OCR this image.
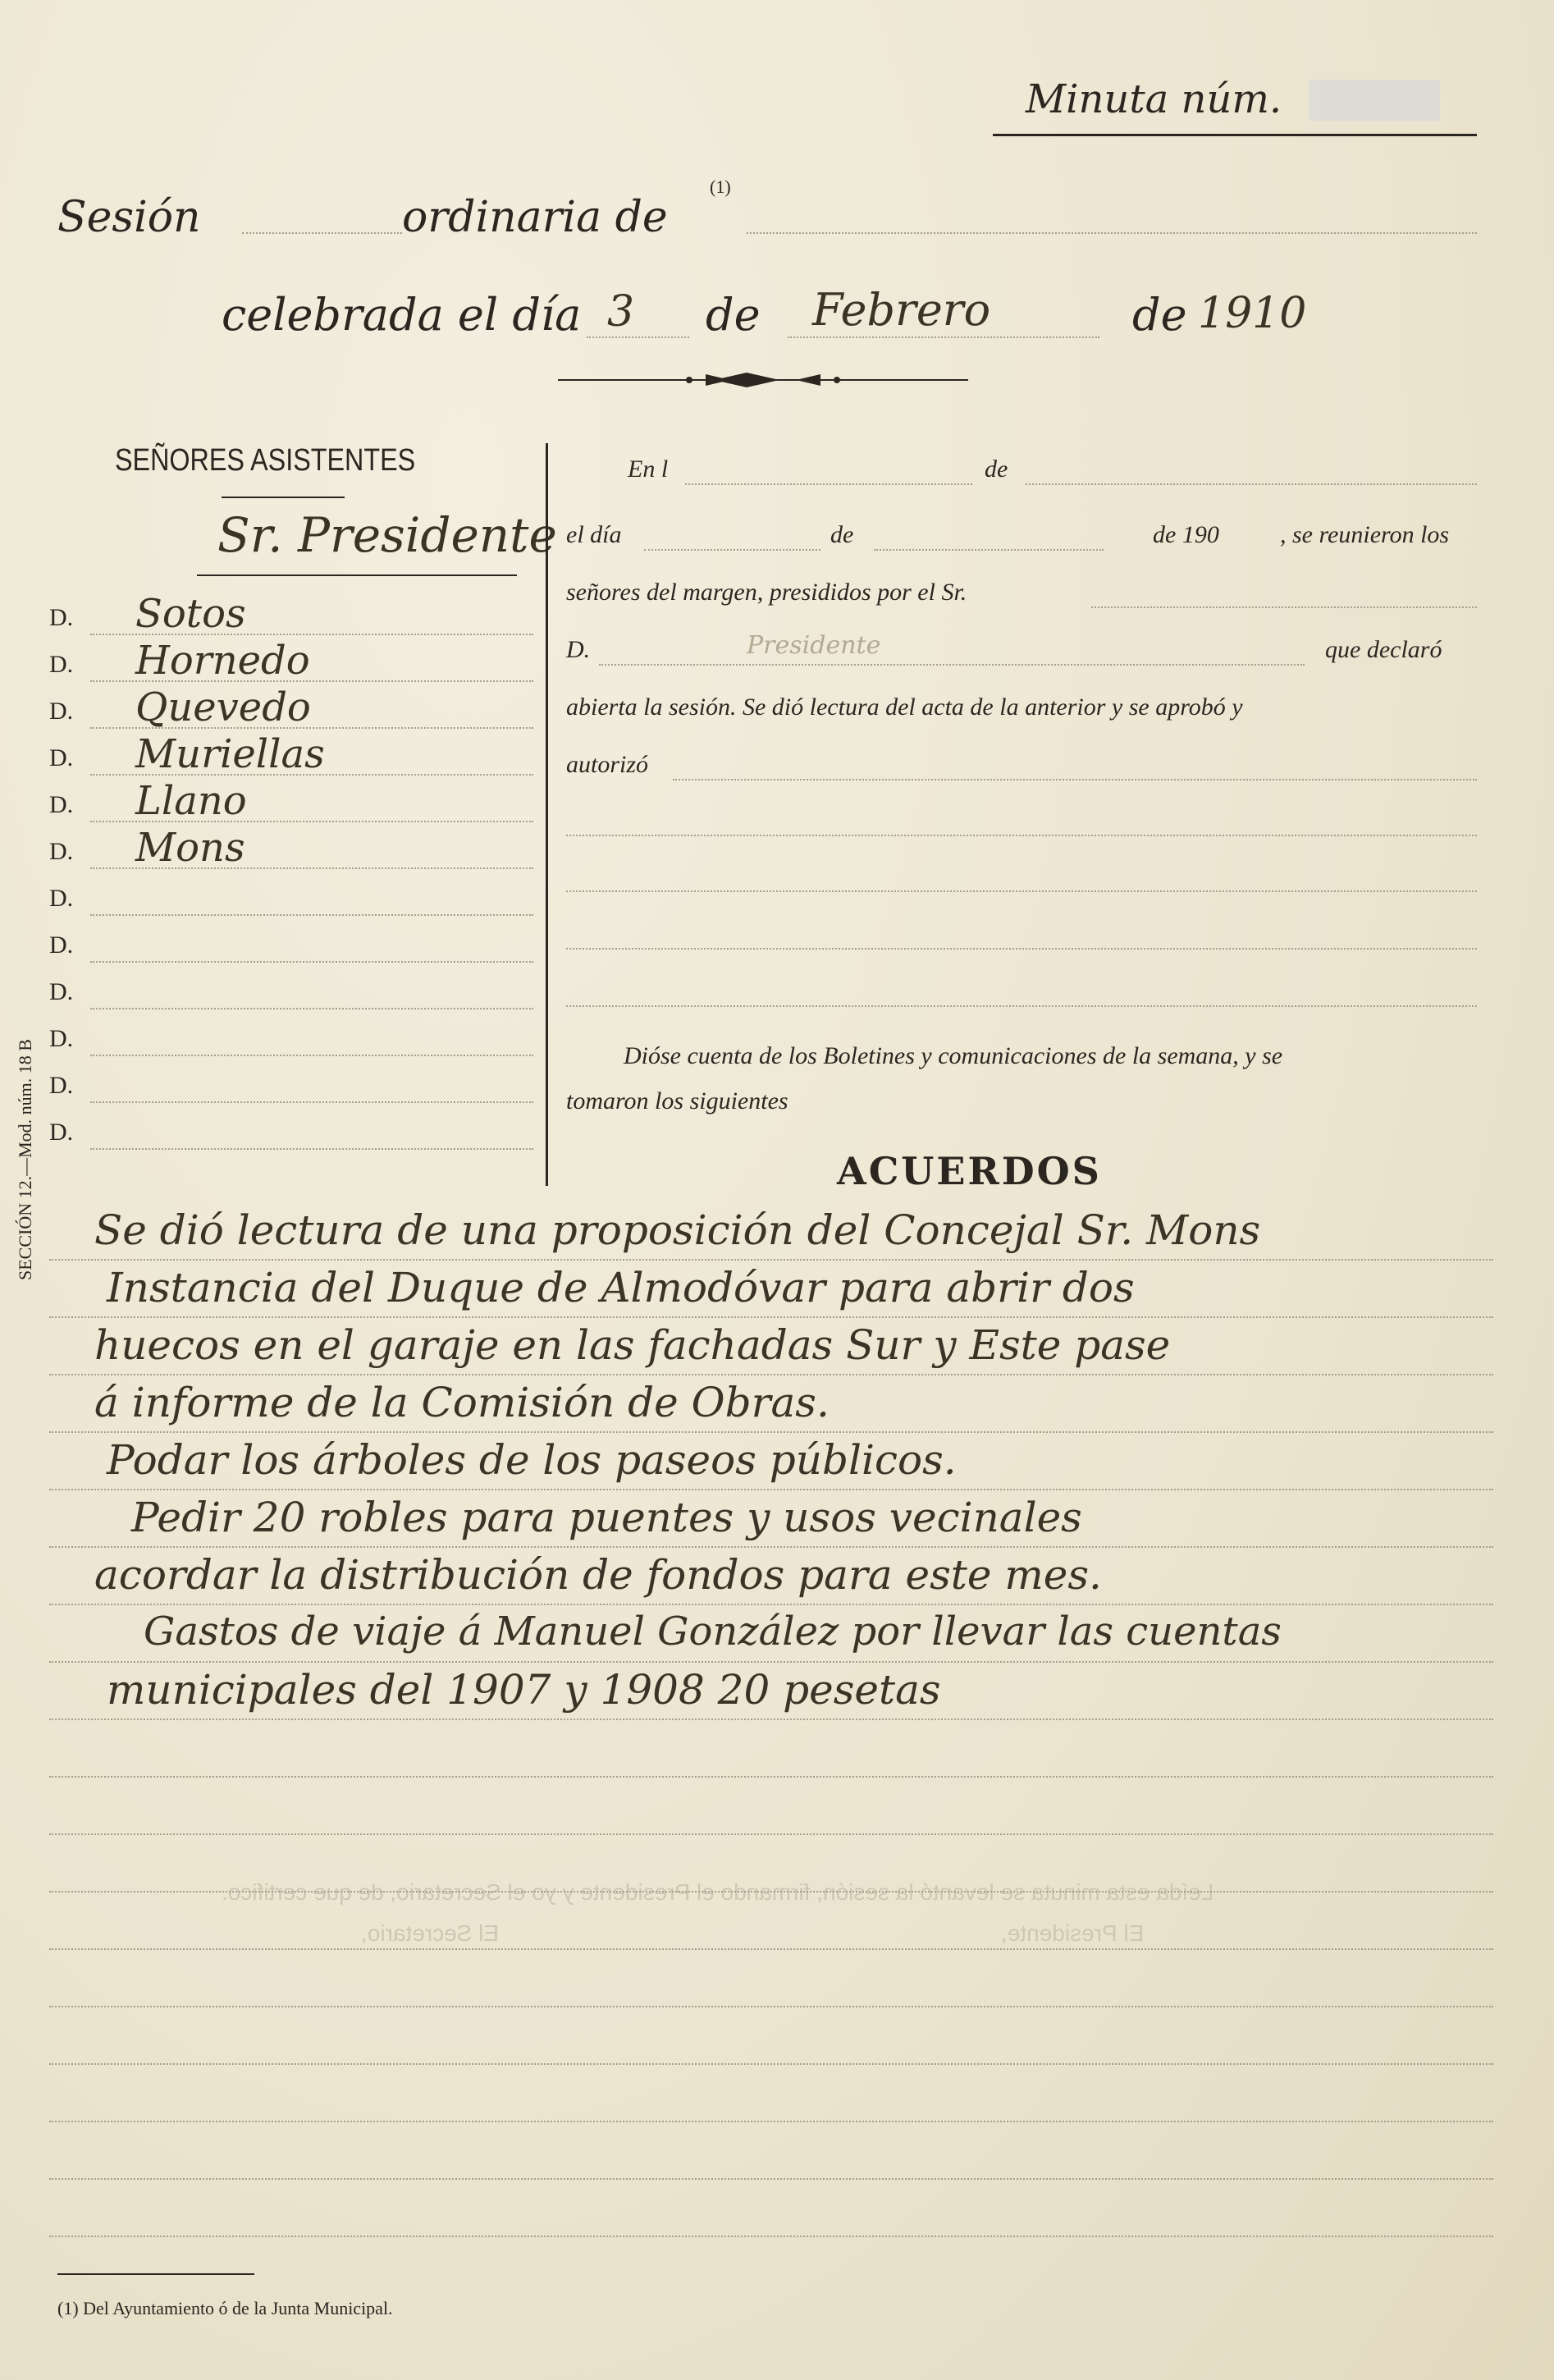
Minuta núm.
Sesión	ordinaria de
(1)
celebrada el día 3 de Febrero	de 1910
SEÑORES ASISTENTES
Sr. Presidente
D. Sotos
D. Hornedo
D. Quevedo
D. Muriellas
D. Llano
D. Mons
D.
D.
D.
D.
D.
D.
SECCIÓN 12.—Mod. núm. 18 B
En l	de
el día	de	de 190 , se reunieron los
señores del margen, presididos por el Sr.
D.	Presidente	que declaró
abierta la sesión. Se dió lectura del acta de la anterior y se aprobó y
autorizó
Dióse cuenta de los Boletines y comunicaciones de la semana, y se
tomaron los siguientes
ACUERDOS
Se dió lectura de una proposición del Concejal Sr. Mons
Instancia del Duque de Almodóvar para abrir dos
huecos en el garaje en las fachadas Sur y Este pase
á informe de la Comisión de Obras.
Podar los árboles de los paseos públicos.
Pedir 20 robles para puentes y usos vecinales
acordar la distribución de fondos para este mes.
Gastos de viaje á Manuel González por llevar las cuentas
municipales del 1907 y 1908 20 pesetas
Leída esta minuta se levantó la sesión, firmando el Presidente y yo el Secretario, de que certifico.
El Presidente,
El Secretario,
(1) Del Ayuntamiento ó de la Junta Municipal.
